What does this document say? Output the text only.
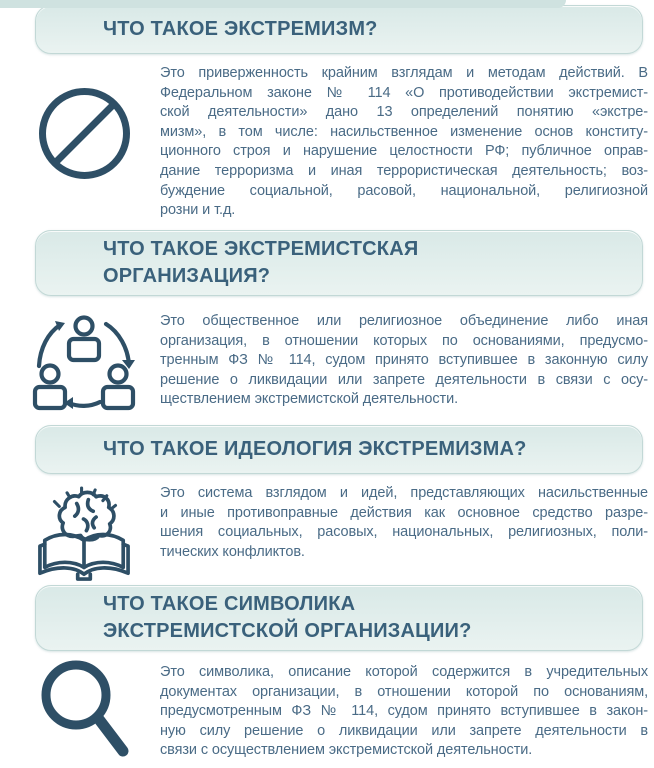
ЧТО ТАКОЕ ЭКСТРЕМИЗМ?
Это приверженность крайним взглядам и методам действий. В
Федеральном законе № 114 «О противодействии экстремист-
ской деятельности» дано 13 определений понятию «экстре-
мизм», в том числе: насильственное изменение основ конститу-
ционного строя и нарушение целостности РФ; публичное оправ-
дание терроризма и иная террористическая деятельность; воз-
буждение социальной, расовой, национальной, религиозной
розни и т.д.
ЧТО ТАКОЕ ЭКСТРЕМИСТСКАЯ
ОРГАНИЗАЦИЯ?
Это общественное или религиозное объединение либо иная
организация, в отношении которых по основаниями, предусмо-
тренным ФЗ № 114, судом принято вступившее в законную силу
решение о ликвидации или запрете деятельности в связи с осу-
ществлением экстремистской деятельности.
ЧТО ТАКОЕ ИДЕОЛОГИЯ ЭКСТРЕМИЗМА?
Это система взглядом и идей, представляющих насильственные
и иные противоправные действия как основное средство разре-
шения социальных, расовых, национальных, религиозных, поли-
тических конфликтов.
ЧТО ТАКОЕ СИМВОЛИКА
ЭКСТРЕМИСТСКОЙ ОРГАНИЗАЦИИ?
Это символика, описание которой содержится в учредительных
документах организации, в отношении которой по основаниям,
предусмотренным ФЗ № 114, судом принято вступившее в закон-
ную силу решение о ликвидации или запрете деятельности в
связи с осуществлением экстремистской деятельности.
